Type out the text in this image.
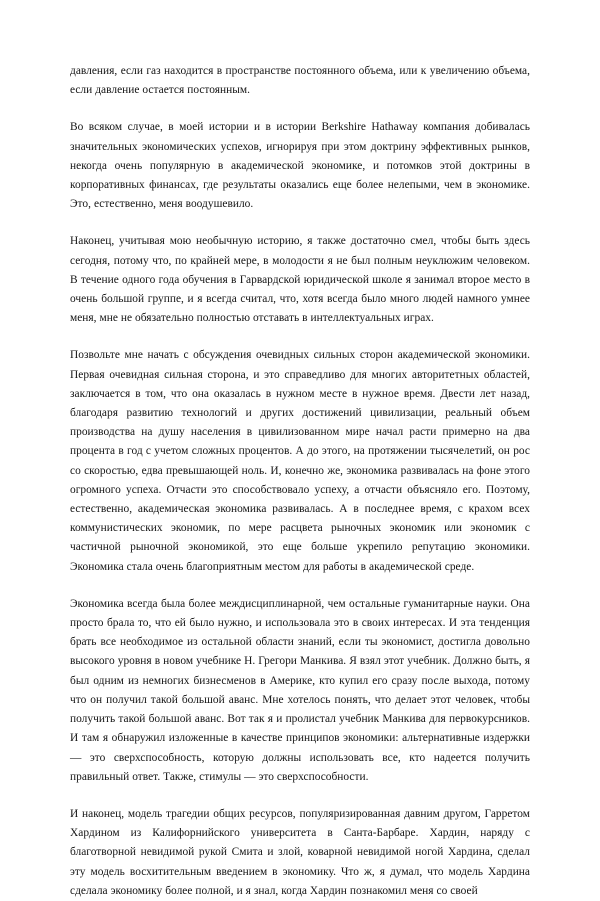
давления, если газ находится в пространстве постоянного объема, или к увеличению объема, если давление остается постоянным.

Во всяком случае, в моей истории и в истории Berkshire Hathaway компания добивалась значительных экономических успехов, игнорируя при этом доктрину эффективных рынков, некогда очень популярную в академической экономике, и потомков этой доктрины в корпоративных финансах, где результаты оказались еще более нелепыми, чем в экономике. Это, естественно, меня воодушевило.

Наконец, учитывая мою необычную историю, я также достаточно смел, чтобы быть здесь сегодня, потому что, по крайней мере, в молодости я не был полным неуклюжим человеком. В течение одного года обучения в Гарвардской юридической школе я занимал второе место в очень большой группе, и я всегда считал, что, хотя всегда было много людей намного умнее меня, мне не обязательно полностью отставать в интеллектуальных играх.

Позвольте мне начать с обсуждения очевидных сильных сторон академической экономики. Первая очевидная сильная сторона, и это справедливо для многих авторитетных областей, заключается в том, что она оказалась в нужном месте в нужное время. Двести лет назад, благодаря развитию технологий и других достижений цивилизации, реальный объем производства на душу населения в цивилизованном мире начал расти примерно на два процента в год с учетом сложных процентов. А до этого, на протяжении тысячелетий, он рос со скоростью, едва превышающей ноль. И, конечно же, экономика развивалась на фоне этого огромного успеха. Отчасти это способствовало успеху, а отчасти объясняло его. Поэтому, естественно, академическая экономика развивалась. А в последнее время, с крахом всех коммунистических экономик, по мере расцвета рыночных экономик или экономик с частичной рыночной экономикой, это еще больше укрепило репутацию экономики. Экономика стала очень благоприятным местом для работы в академической среде.

Экономика всегда была более междисциплинарной, чем остальные гуманитарные науки. Она просто брала то, что ей было нужно, и использовала это в своих интересах. И эта тенденция брать все необходимое из остальной области знаний, если ты экономист, достигла довольно высокого уровня в новом учебнике Н. Грегори Манкива. Я взял этот учебник. Должно быть, я был одним из немногих бизнесменов в Америке, кто купил его сразу после выхода, потому что он получил такой большой аванс. Мне хотелось понять, что делает этот человек, чтобы получить такой большой аванс. Вот так я и пролистал учебник Манкива для первокурсников. И там я обнаружил изложенные в качестве принципов экономики: альтернативные издержки — это сверхспособность, которую должны использовать все, кто надеется получить правильный ответ. Также, стимулы — это сверхспособности.

И наконец, модель трагедии общих ресурсов, популяризированная давним другом, Гарретом Хардином из Калифорнийского университета в Санта-Барбаре. Хардин, наряду с благотворной невидимой рукой Смита и злой, коварной невидимой ногой Хардина, сделал эту модель восхитительным введением в экономику. Что ж, я думал, что модель Хардина сделала экономику более полной, и я знал, когда Хардин познакомил меня со своей
